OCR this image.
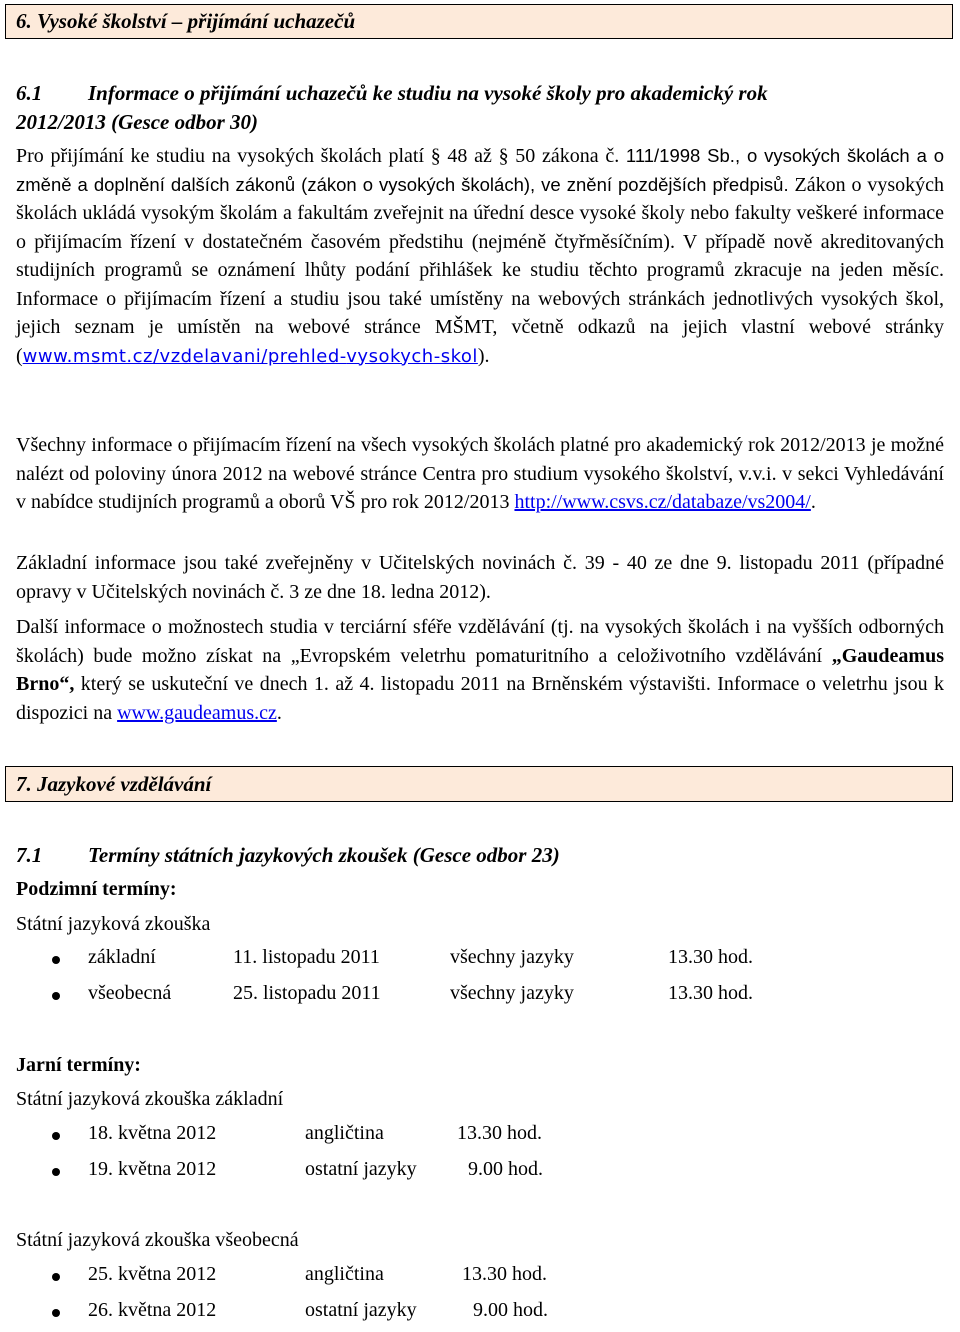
6. Vysoké školství – přijímání uchazečů
6.1 Informace o přijímání uchazečů ke studiu na vysoké školy pro akademický rok
2012/2013 (Gesce odbor 30)

Pro přijímání ke studiu na vysokých školách platí § 48 až § 50 zákona č. 111/1998 Sb., o vysokých školách a o změně a doplnění dalších zákonů (zákon o vysokých školách), ve znění pozdějších předpisů. Zákon o vysokých školách ukládá vysokým školám a fakultám zveřejnit na úřední desce vysoké školy nebo fakulty veškeré informace o přijímacím řízení v dostatečném časovém předstihu (nejméně čtyřměsíčním). V případě nově akreditovaných studijních programů se oznámení lhůty podání přihlášek ke studiu těchto programů zkracuje na jeden měsíc. Informace o přijímacím řízení a studiu jsou také umístěny na webových stránkách jednotlivých vysokých škol, jejich seznam je umístěn na webové stránce MŠMT, včetně odkazů na jejich vlastní webové stránky (www.msmt.cz/vzdelavani/prehled-vysokych-skol).

Všechny informace o přijímacím řízení na všech vysokých školách platné pro akademický rok 2012/2013 je možné nalézt od poloviny února 2012 na webové stránce Centra pro studium vysokého školství, v.v.i. v sekci Vyhledávání v nabídce studijních programů a oborů VŠ pro rok 2012/2013 http://www.csvs.cz/databaze/vs2004/.

Základní informace jsou také zveřejněny v Učitelských novinách č. 39 - 40 ze dne 9. listopadu 2011 (případné opravy v Učitelských novinách č. 3 ze dne 18. ledna 2012).

Další informace o možnostech studia v terciární sféře vzdělávání (tj. na vysokých školách i na vyšších odborných školách) bude možno získat na „Evropském veletrhu pomaturitního a celoživotního vzdělávání „Gaudeamus Brno“, který se uskuteční ve dnech 1. až 4. listopadu 2011 na Brněnském výstavišti. Informace o veletrhu jsou k dispozici na www.gaudeamus.cz.

7. Jazykové vzdělávání
7.1 Termíny státních jazykových zkoušek (Gesce odbor 23)
Podzimní termíny:
Státní jazyková zkouška
základní	11. listopadu 2011	všechny jazyky	13.30 hod.
všeobecná	25. listopadu 2011	všechny jazyky	13.30 hod.
Jarní termíny:
Státní jazyková zkouška základní
18. května 2012	angličtina	13.30 hod.
19. května 2012	ostatní jazyky	9.00 hod.
Státní jazyková zkouška všeobecná
25. května 2012	angličtina	13.30 hod.
26. května 2012	ostatní jazyky	9.00 hod.
